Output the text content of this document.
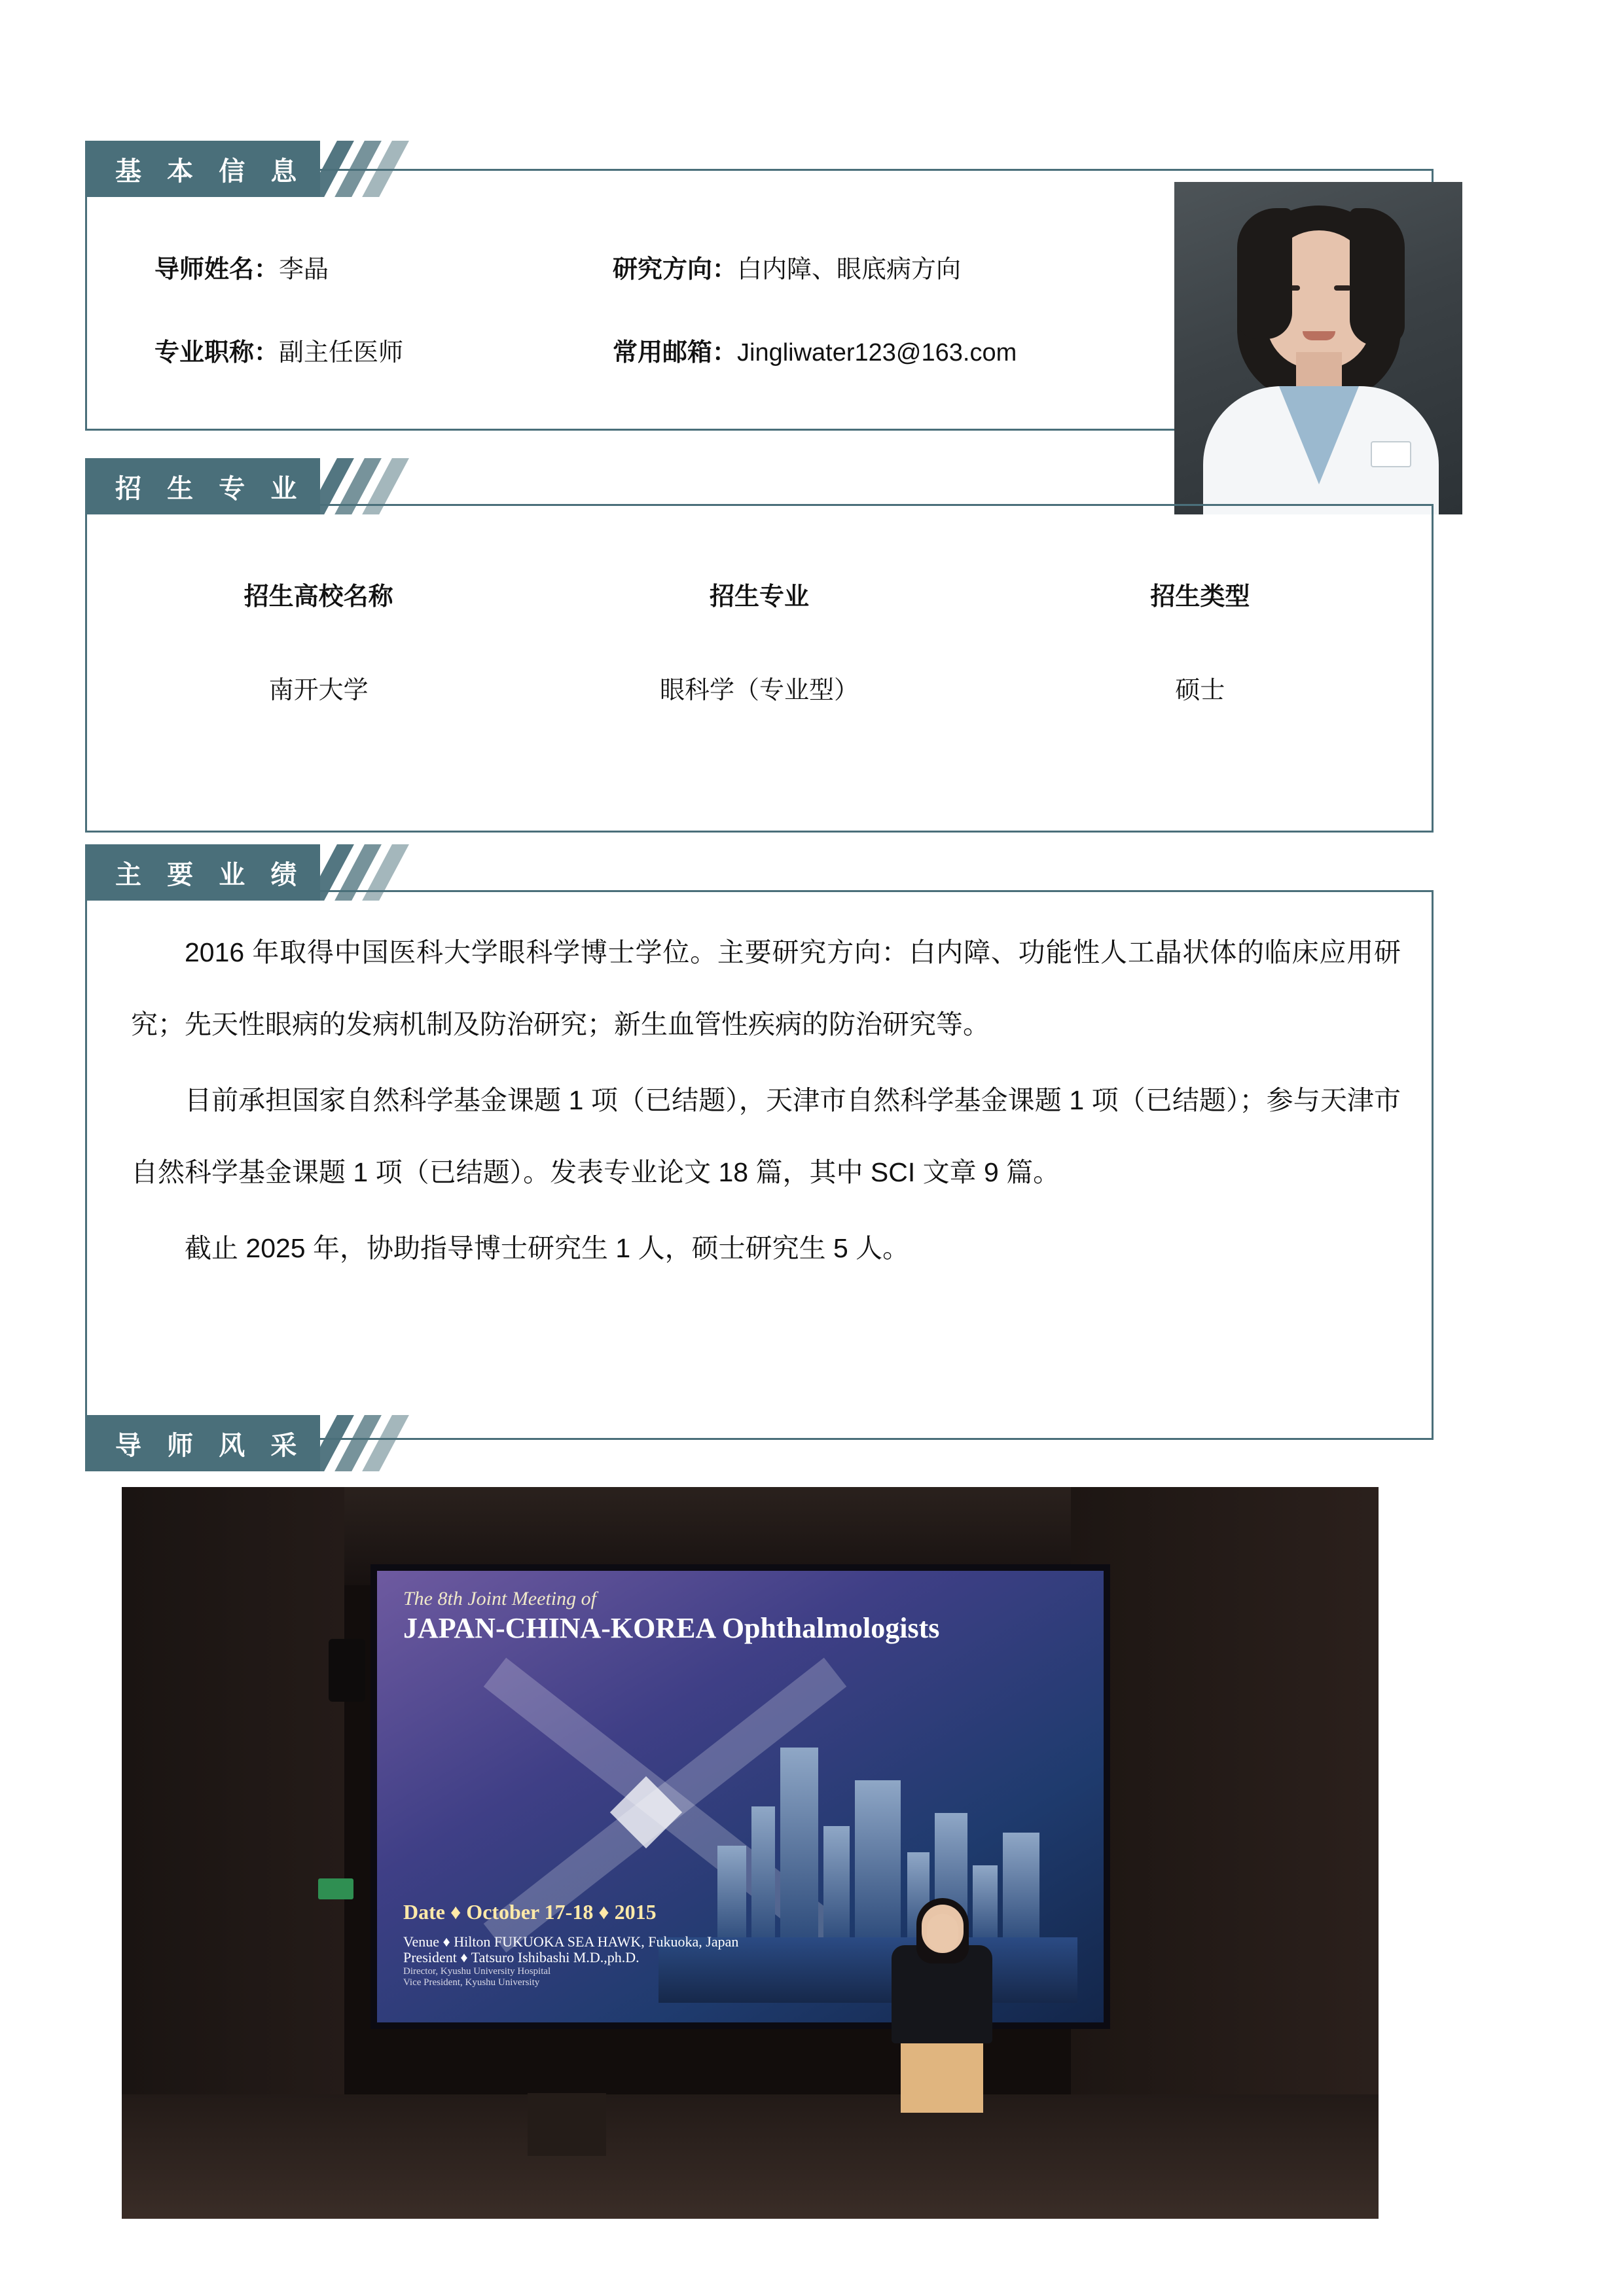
基 本 信 息
导师姓名： 李晶	研究方向： 白内障、眼底病方向
专业职称： 副主任医师	常用邮箱： Jingliwater123@163.com
招 生 专 业
招生高校名称	招生专业	招生类型
南开大学	眼科学（专业型）	硕士
主 要 业 绩

2016 年取得中国医科大学眼科学博士学位。主要研究方向：白内障、功能性人工晶状体的临床应用研究；先天性眼病的发病机制及防治研究；新生血管性疾病的防治研究等。

目前承担国家自然科学基金课题 1 项（已结题），天津市自然科学基金课题 1 项（已结题）；参与天津市自然科学基金课题 1 项（已结题）。发表专业论文 18 篇，其中 SCI 文章 9 篇。

截止 2025 年，协助指导博士研究生 1 人，硕士研究生 5 人。

导 师 风 采
The 8th Joint Meeting of
JAPAN-CHINA-KOREA Ophthalmologists
Date ♦ October 17-18 ♦ 2015
Venue ♦ Hilton FUKUOKA SEA HAWK, Fukuoka, Japan
President ♦ Tatsuro Ishibashi M.D.,ph.D.
Director, Kyushu University Hospital
Vice President, Kyushu University
